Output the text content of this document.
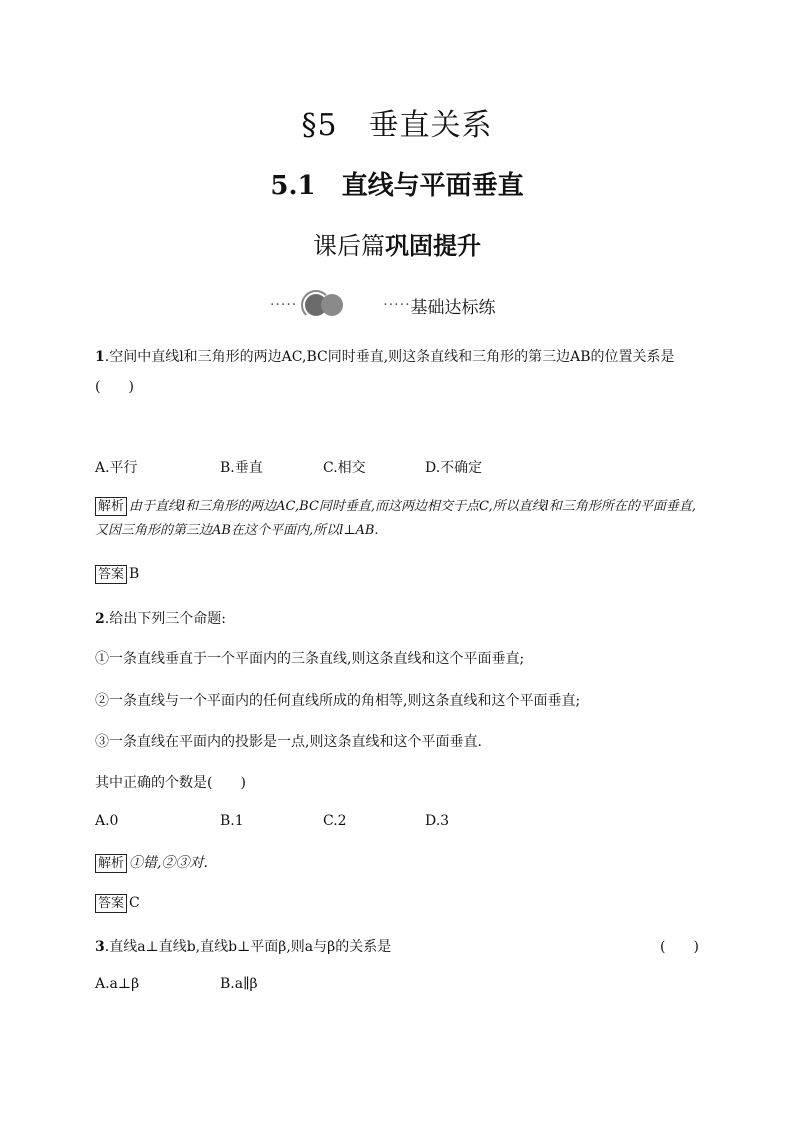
§5　垂直关系
5.1　直线与平面垂直
课后篇巩固提升
·····	····· 基础达标练
1.空间中直线l和三角形的两边AC,BC同时垂直,则这条直线和三角形的第三边AB的位置关系是
(　　)
A.平行	B.垂直	C.相交	D.不确定
解析 由于直线l和三角形的两边AC,BC同时垂直,而这两边相交于点C,所以直线l和三角形所在的平面垂直,又因三角形的第三边AB在这个平面内,所以l⊥AB.
答案 B
2.给出下列三个命题:
①一条直线垂直于一个平面内的三条直线,则这条直线和这个平面垂直;
②一条直线与一个平面内的任何直线所成的角相等,则这条直线和这个平面垂直;
③一条直线在平面内的投影是一点,则这条直线和这个平面垂直.
其中正确的个数是(　　)
A.0	B.1	C.2	D.3
解析 ①错,②③对.
答案 C
3.直线a⊥直线b,直线b⊥平面β,则a与β的关系是	(　　)
A.a⊥β	B.a∥β
